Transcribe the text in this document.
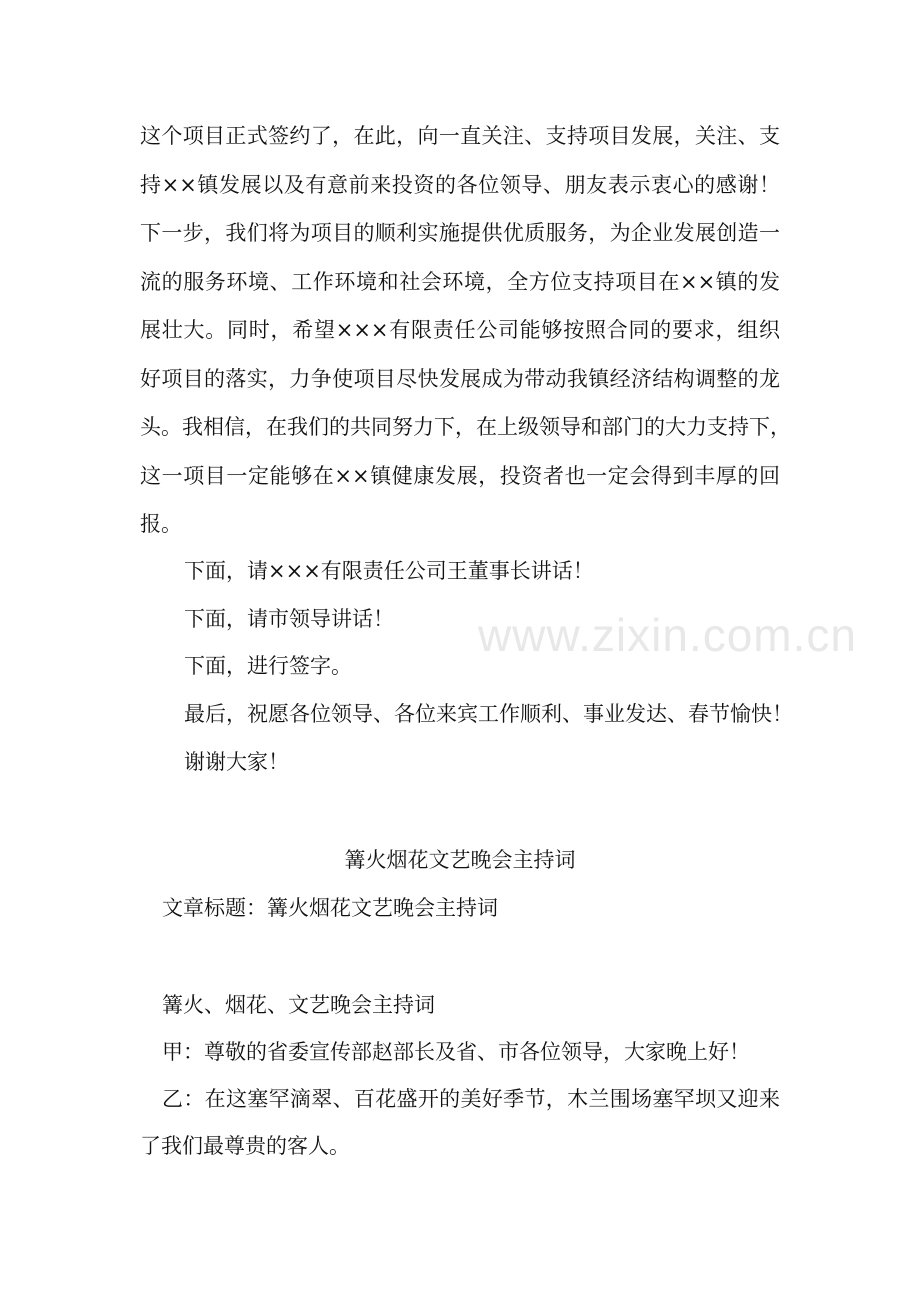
www.zixin.com.cn
这个项目正式签约了，在此，向一直关注、支持项目发展，关注、支
持××镇发展以及有意前来投资的各位领导、朋友表示衷心的感谢！
下一步，我们将为项目的顺利实施提供优质服务，为企业发展创造一
流的服务环境、工作环境和社会环境，全方位支持项目在××镇的发
展壮大。同时，希望×××有限责任公司能够按照合同的要求，组织
好项目的落实，力争使项目尽快发展成为带动我镇经济结构调整的龙
头。我相信，在我们的共同努力下，在上级领导和部门的大力支持下，
这一项目一定能够在××镇健康发展，投资者也一定会得到丰厚的回
报。
下面，请×××有限责任公司王董事长讲话！
下面，请市领导讲话！
下面，进行签字。
最后，祝愿各位领导、各位来宾工作顺利、事业发达、春节愉快！
谢谢大家！
篝火烟花文艺晚会主持词
文章标题：篝火烟花文艺晚会主持词
篝火、烟花、文艺晚会主持词
甲：尊敬的省委宣传部赵部长及省、市各位领导，大家晚上好！
乙：在这塞罕滴翠、百花盛开的美好季节，木兰围场塞罕坝又迎来
了我们最尊贵的客人。
